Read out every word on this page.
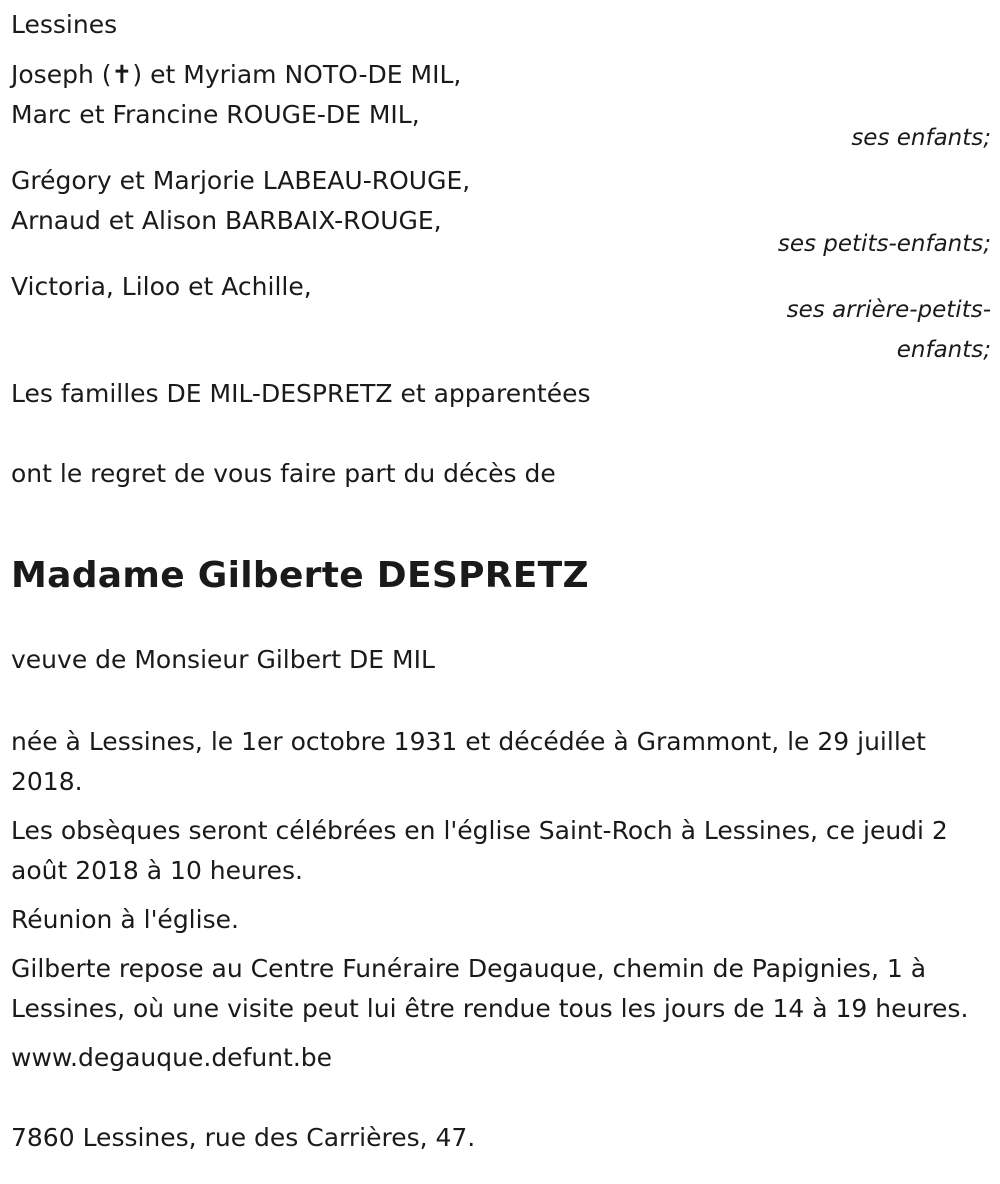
Lessines
Joseph (✝) et Myriam NOTO-DE MIL,
Marc et Francine ROUGE-DE MIL,
ses enfants;
Grégory et Marjorie LABEAU-ROUGE,
Arnaud et Alison BARBAIX-ROUGE,
ses petits-enfants;
Victoria, Liloo et Achille,
ses arrière-petits-
enfants;
Les familles DE MIL-DESPRETZ et apparentées
ont le regret de vous faire part du décès de
Madame Gilberte DESPRETZ
veuve de Monsieur Gilbert DE MIL
née à Lessines, le 1er octobre 1931 et décédée à Grammont, le 29 juillet 2018.
Les obsèques seront célébrées en l'église Saint-Roch à Lessines, ce jeudi 2 août 2018 à 10 heures.
Réunion à l'église.
Gilberte repose au Centre Funéraire Degauque, chemin de Papignies, 1 à Lessines, où une visite peut lui être rendue tous les jours de 14 à 19 heures.
www.degauque.defunt.be
7860 Lessines, rue des Carrières, 47.
